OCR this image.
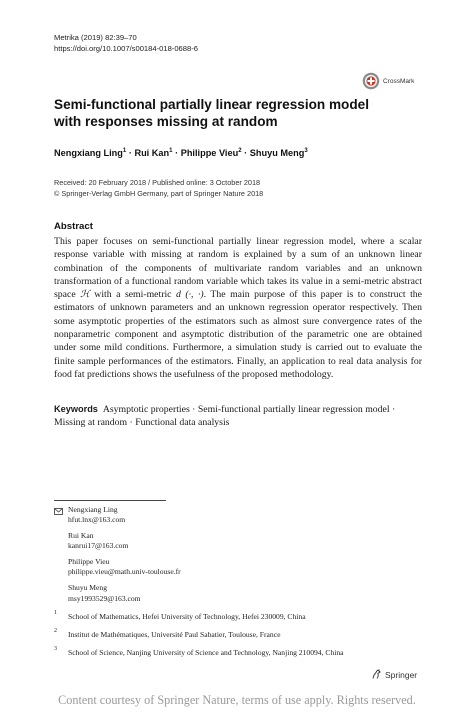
Metrika (2019) 82:39–70
https://doi.org/10.1007/s00184-018-0688-6
CrossMark
Semi-functional partially linear regression model with responses missing at random
Nengxiang Ling$^1$ · Rui Kan$^1$ · Philippe Vieu$^2$ · Shuyu Meng$^3$
Received: 20 February 2018 / Published online: 3 October 2018
© Springer-Verlag GmbH Germany, part of Springer Nature 2018
Abstract
This paper focuses on semi-functional partially linear regression model, where a scalar response variable with missing at random is explained by a sum of an unknown linear combination of the components of multivariate random variables and an unknown transformation of a functional random variable which takes its value in a semi-metric abstract space ℋ with a semi-metric d (·, ·). The main purpose of this paper is to construct the estimators of unknown parameters and an unknown regression operator respectively. Then some asymptotic properties of the estimators such as almost sure convergence rates of the nonparametric component and asymptotic distribution of the parametric one are obtained under some mild conditions. Furthermore, a simulation study is carried out to evaluate the finite sample performances of the estimators. Finally, an application to real data analysis for food fat predictions shows the usefulness of the proposed methodology.
Keywords Asymptotic properties · Semi-functional partially linear regression model · Missing at random · Functional data analysis
Nengxiang Ling
hfut.lnx@163.com
Rui Kan
kanrui17@163.com
Philippe Vieu
philippe.vieu@math.univ-toulouse.fr
Shuyu Meng
msy1993529@163.com
1 School of Mathematics, Hefei University of Technology, Hefei 230009, China
2 Institut de Mathématiques, Université Paul Sabatier, Toulouse, France
3 School of Science, Nanjing University of Science and Technology, Nanjing 210094, China
Springer
Content courtesy of Springer Nature, terms of use apply. Rights reserved.
